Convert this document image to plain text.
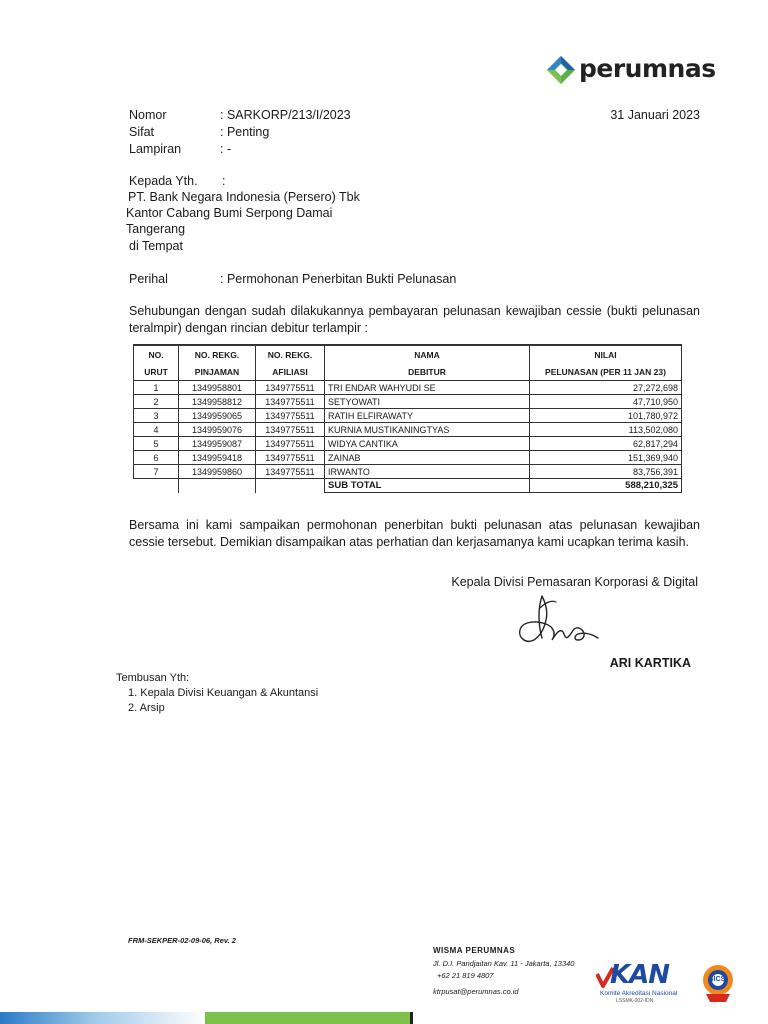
perumnas
Nomor	: SARKORP/213/I/2023	31 Januari 2023
Sifat	: Penting
Lampiran	: -
Kepada Yth. :
PT. Bank Negara Indonesia (Persero) Tbk
Kantor Cabang Bumi Serpong Damai
Tangerang
di Tempat
Perihal	: Permohonan Penerbitan Bukti Pelunasan
Sehubungan dengan sudah dilakukannya pembayaran pelunasan kewajiban cessie (bukti pelunasan teralmpir) dengan rincian debitur terlampir :
NO.	NO. REKG.	NO. REKG.	NAMA	NILAI
URUT	PINJAMAN	AFILIASI	DEBITUR	PELUNASAN (PER 11 JAN 23)
1	1349958801	1349775511	TRI ENDAR WAHYUDI SE	27,272,698
2	1349958812	1349775511	SETYOWATI	47,710,950
3	1349959065	1349775511	RATIH ELFIRAWATY	101,780,972
4	1349959076	1349775511	KURNIA MUSTIKANINGTYAS	113,502,080
5	1349959087	1349775511	WIDYA CANTIKA	62,817,294
6	1349959418	1349775511	ZAINAB	151,369,940
7	1349959860	1349775511	IRWANTO	83,756,391
			SUB TOTAL	588,210,325
Bersama ini kami sampaikan permohonan penerbitan bukti pelunasan atas pelunasan kewajiban cessie tersebut. Demikian disampaikan atas perhatian dan kerjasamanya kami ucapkan terima kasih.
Kepala Divisi Pemasaran Korporasi & Digital
ARI KARTIKA
Tembusan Yth:
1. Kepala Divisi Keuangan & Akuntansi
2. Arsip
FRM-SEKPER-02-09-06, Rev. 2
WISMA PERUMNAS
Jl. D.I. Pandjaitan Kav. 11 - Jakarta, 13340
+62 21 819 4807
ktrpusat@perumnas.co.id
KAN
Komite Akreditasi Nasional
LSSMK-002-IDN
SICS
